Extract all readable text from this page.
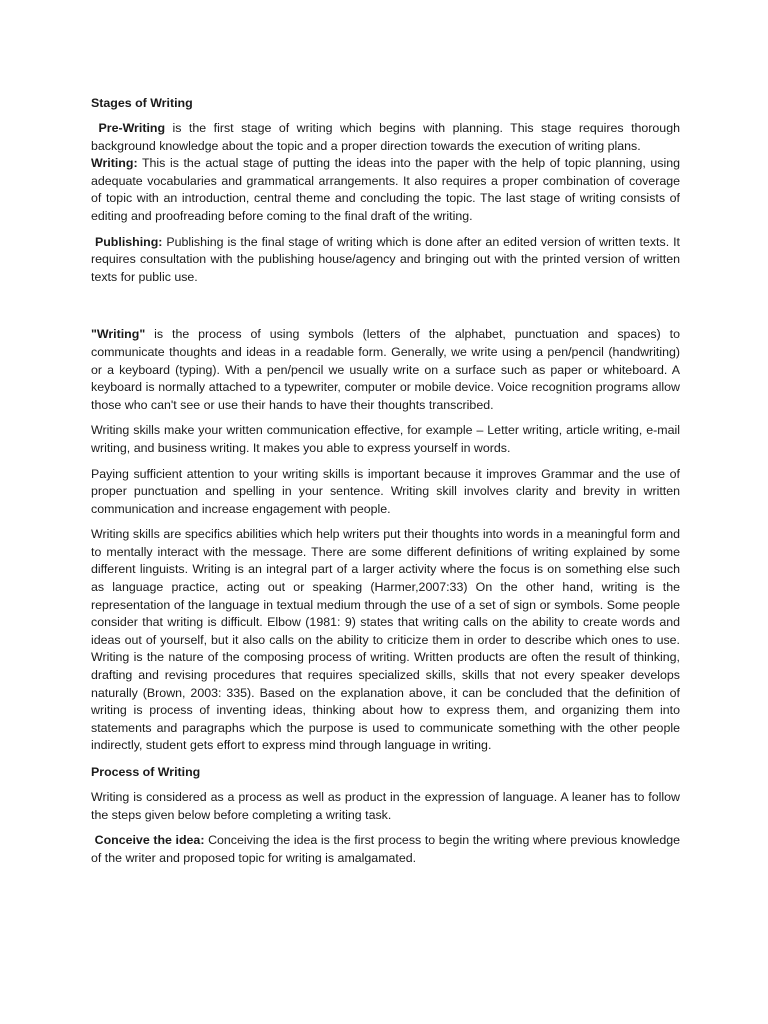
Stages of Writing

Pre-Writing is the first stage of writing which begins with planning. This stage requires thorough background knowledge about the topic and a proper direction towards the execution of writing plans.

Writing: This is the actual stage of putting the ideas into the paper with the help of topic planning, using adequate vocabularies and grammatical arrangements. It also requires a proper combination of coverage of topic with an introduction, central theme and concluding the topic. The last stage of writing consists of editing and proofreading before coming to the final draft of the writing.

Publishing: Publishing is the final stage of writing which is done after an edited version of written texts. It requires consultation with the publishing house/agency and bringing out with the printed version of written texts for public use.

"Writing" is the process of using symbols (letters of the alphabet, punctuation and spaces) to communicate thoughts and ideas in a readable form. Generally, we write using a pen/pencil (handwriting) or a keyboard (typing). With a pen/pencil we usually write on a surface such as paper or whiteboard. A keyboard is normally attached to a typewriter, computer or mobile device. Voice recognition programs allow those who can't see or use their hands to have their thoughts transcribed.

Writing skills make your written communication effective, for example – Letter writing, article writing, e-mail writing, and business writing. It makes you able to express yourself in words.

Paying sufficient attention to your writing skills is important because it improves Grammar and the use of proper punctuation and spelling in your sentence. Writing skill involves clarity and brevity in written communication and increase engagement with people.

Writing skills are specifics abilities which help writers put their thoughts into words in a meaningful form and to mentally interact with the message. There are some different definitions of writing explained by some different linguists. Writing is an integral part of a larger activity where the focus is on something else such as language practice, acting out or speaking (Harmer,2007:33) On the other hand, writing is the representation of the language in textual medium through the use of a set of sign or symbols. Some people consider that writing is difficult. Elbow (1981: 9) states that writing calls on the ability to create words and ideas out of yourself, but it also calls on the ability to criticize them in order to describe which ones to use. Writing is the nature of the composing process of writing. Written products are often the result of thinking, drafting and revising procedures that requires specialized skills, skills that not every speaker develops naturally (Brown, 2003: 335). Based on the explanation above, it can be concluded that the definition of writing is process of inventing ideas, thinking about how to express them, and organizing them into statements and paragraphs which the purpose is used to communicate something with the other people indirectly, student gets effort to express mind through language in writing.

Process of Writing

Writing is considered as a process as well as product in the expression of language. A leaner has to follow the steps given below before completing a writing task.

Conceive the idea: Conceiving the idea is the first process to begin the writing where previous knowledge of the writer and proposed topic for writing is amalgamated.
